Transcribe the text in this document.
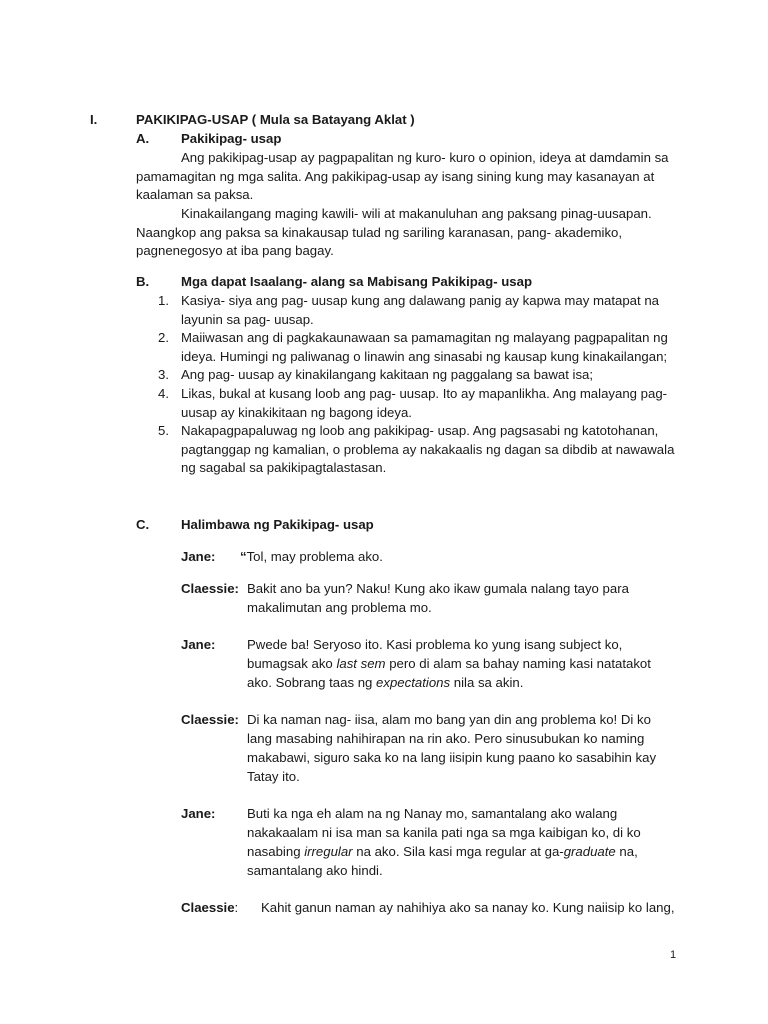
I.	PAKIKIPAG-USAP ( Mula sa Batayang Aklat )
A. Pakikipag- usap

Ang pakikipag-usap ay pagpapalitan ng kuro- kuro o opinion, ideya at damdamin sa pamamagitan ng mga salita. Ang pakikipag-usap ay isang sining kung may kasanayan at kaalaman sa paksa.

Kinakailangang maging kawili- wili at makanuluhan ang paksang pinag-uusapan. Naangkop ang paksa sa kinakausap tulad ng sariling karanasan, pang- akademiko, pagnenegosyo at iba pang bagay.

B. Mga dapat Isaalang- alang sa Mabisang Pakikipag- usap
1. Kasiya- siya ang pag- uusap kung ang dalawang panig ay kapwa may matapat na layunin sa pag- uusap.
2. Maiiwasan ang di pagkakaunawaan sa pamamagitan ng malayang pagpapalitan ng ideya. Humingi ng paliwanag o linawin ang sinasabi ng kausap kung kinakailangan;
3. Ang pag- uusap ay kinakilangang kakitaan ng paggalang sa bawat isa;
4. Likas, bukal at kusang loob ang pag- uusap. Ito ay mapanlikha. Ang malayang pag- uusap ay kinakikitaan ng bagong ideya.
5. Nakapagpapaluwag ng loob ang pakikipag- usap. Ang pagsasabi ng katotohanan, pagtanggap ng kamalian, o problema ay nakakaalis ng dagan sa dibdib at nawawala ng sagabal sa pakikipagtalastasan.
C. Halimbawa ng Pakikipag- usap
Jane: “Tol, may problema ako.
Claessie: Bakit ano ba yun? Naku! Kung ako ikaw gumala nalang tayo para
makalimutan ang problema mo.
Jane: Pwede ba! Seryoso ito. Kasi problema ko yung isang subject ko,
bumagsak ako last sem pero di alam sa bahay naming kasi natatakot
ako. Sobrang taas ng expectations nila sa akin.
Claessie: Di ka naman nag- iisa, alam mo bang yan din ang problema ko! Di ko
lang masabing nahihirapan na rin ako. Pero sinusubukan ko naming
makabawi, siguro saka ko na lang iisipin kung paano ko sasabihin kay
Tatay ito.
Jane: Buti ka nga eh alam na ng Nanay mo, samantalang ako walang
nakakaalam ni isa man sa kanila pati nga sa mga kaibigan ko, di ko
nasabing irregular na ako. Sila kasi mga regular at ga-graduate na,
samantalang ako hindi.
Claessie: Kahit ganun naman ay nahihiya ako sa nanay ko. Kung naiisip ko lang,
1
